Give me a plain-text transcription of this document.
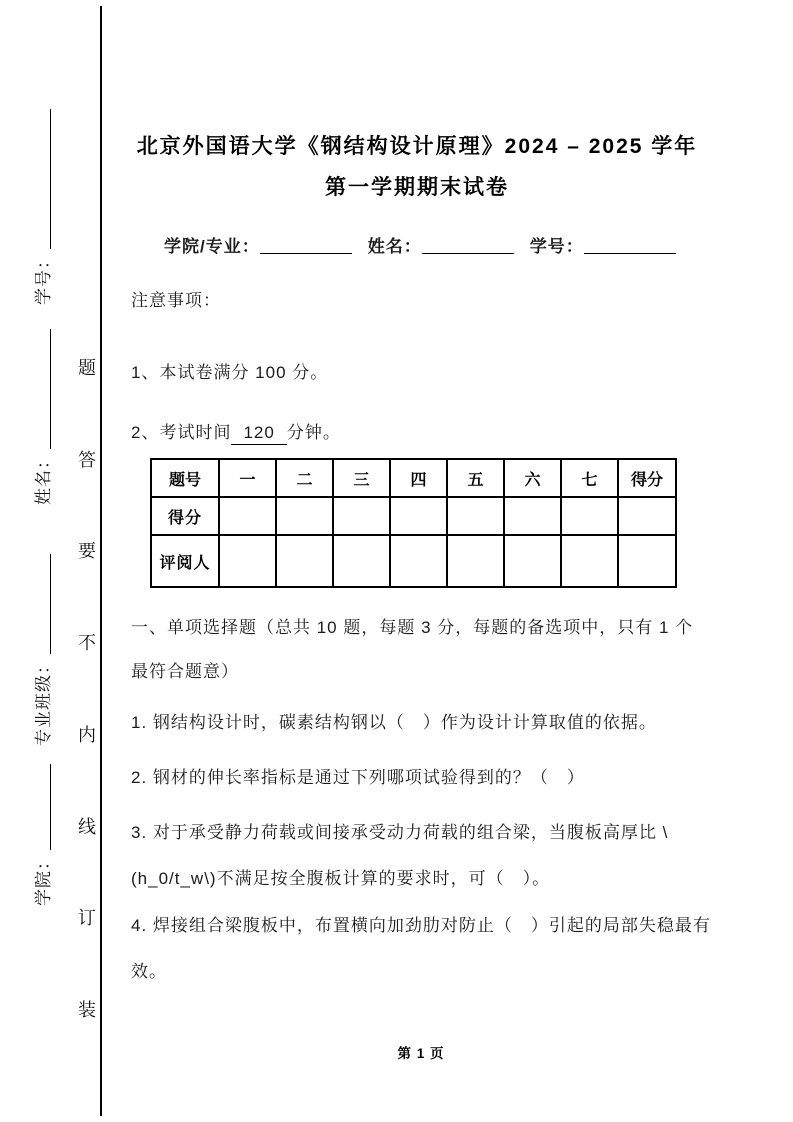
学号：
姓名：
专业班级：
学院：
题
答
要
不
内
线
订
装
北京外国语大学《钢结构设计原理》2024 – 2025 学年
第一学期期末试卷
学院/专业：	姓名：	学号：
注意事项：
1、本试卷满分 100 分。
2、考试时间 120 分钟。
题号	一	二	三	四	五	六	七	得分
得分								
评阅人								
一、单项选择题（总共 10 题，每题 3 分，每题的备选项中，只有 1 个最符合题意）
1. 钢结构设计时，碳素结构钢以（　）作为设计计算取值的依据。
2. 钢材的伸长率指标是通过下列哪项试验得到的？（　）
3. 对于承受静力荷载或间接承受动力荷载的组合梁，当腹板高厚比 \(h_0/t_w\)不满足按全腹板计算的要求时，可（　）。
4. 焊接组合梁腹板中，布置横向加劲肋对防止（　）引起的局部失稳最有效。
第 1 页
